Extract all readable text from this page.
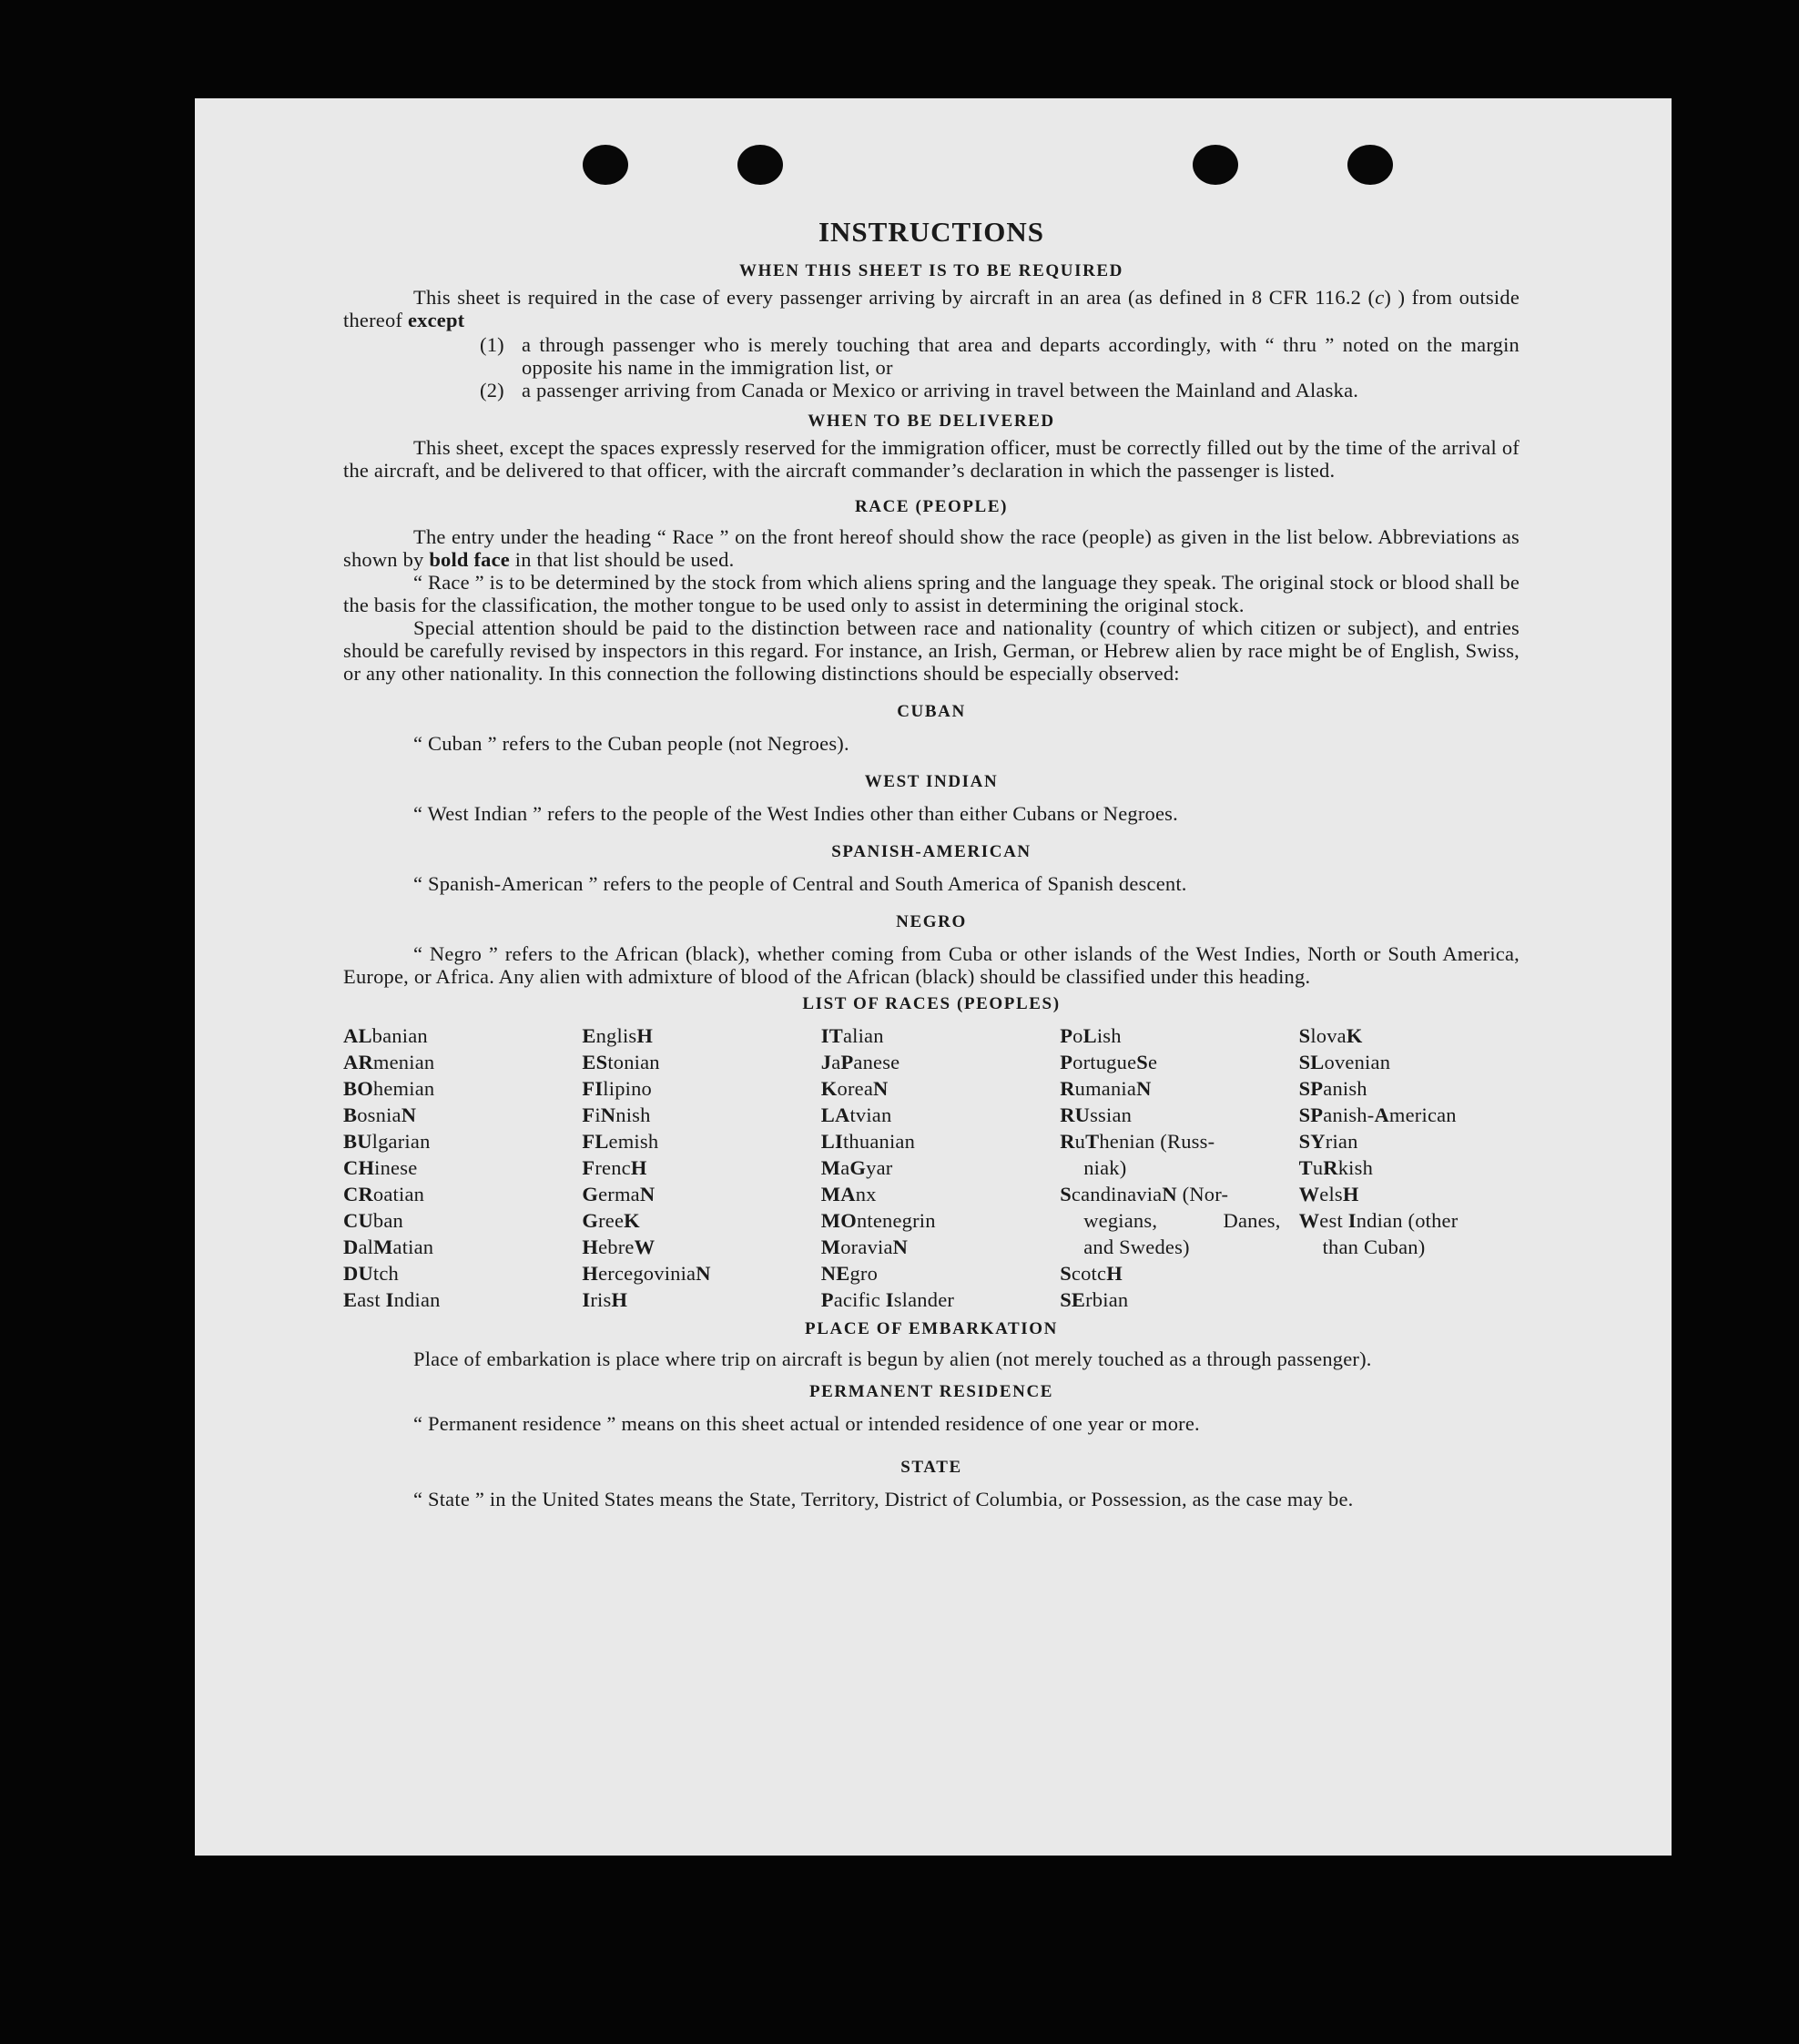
INSTRUCTIONS
WHEN THIS SHEET IS TO BE REQUIRED

This sheet is required in the case of every passenger arriving by aircraft in an area (as defined in 8 CFR 116.2 (c) ) from outside thereof except

(1) a through passenger who is merely touching that area and departs accordingly, with “ thru ” noted on the margin opposite his name in the immigration list, or
(2) a passenger arriving from Canada or Mexico or arriving in travel between the Mainland and Alaska.
WHEN TO BE DELIVERED

This sheet, except the spaces expressly reserved for the immigration officer, must be correctly filled out by the time of the arrival of the aircraft, and be delivered to that officer, with the aircraft commander’s declaration in which the passenger is listed.

RACE (PEOPLE)

The entry under the heading “ Race ” on the front hereof should show the race (people) as given in the list below. Abbreviations as shown by bold face in that list should be used.

“ Race ” is to be determined by the stock from which aliens spring and the language they speak. The original stock or blood shall be the basis for the classification, the mother tongue to be used only to assist in determining the original stock.

Special attention should be paid to the distinction between race and nationality (country of which citizen or subject), and entries should be carefully revised by inspectors in this regard. For instance, an Irish, German, or Hebrew alien by race might be of English, Swiss, or any other nationality. In this connection the following distinctions should be especially observed:

CUBAN

“ Cuban ” refers to the Cuban people (not Negroes).

WEST INDIAN

“ West Indian ” refers to the people of the West Indies other than either Cubans or Negroes.

SPANISH-AMERICAN

“ Spanish-American ” refers to the people of Central and South America of Spanish descent.

NEGRO

“ Negro ” refers to the African (black), whether coming from Cuba or other islands of the West Indies, North or South America, Europe, or Africa. Any alien with admixture of blood of the African (black) should be classified under this heading.

LIST OF RACES (PEOPLES)
ALbanian
ARmenian
BOhemian
BosniaN
BUlgarian
CHinese
CRoatian
CUban
DalMatian
DUtch
East Indian
EnglisH
EStonian
FIlipino
FiNnish
FLemish
FrencH
GermaN
GreeK
HebreW
HercegoviniaN
IrisH
ITalian
JaPanese
KoreaN
LAtvian
LIthuanian
MaGyar
MAnx
MOntenegrin
MoraviaN
NEgro
Pacific Islander
PoLish
PortugueSe
RumaniaN
RUssian
RuThenian (Russ-
niak)
ScandinaviaN (Nor-
wegians, Danes,
and Swedes)
ScotcH
SErbian
SlovaK
SLovenian
SPanish
SPanish-American
SYrian
TuRkish
WelsH
West Indian (other
than Cuban)
PLACE OF EMBARKATION

Place of embarkation is place where trip on aircraft is begun by alien (not merely touched as a through passenger).

PERMANENT RESIDENCE

“ Permanent residence ” means on this sheet actual or intended residence of one year or more.

STATE

“ State ” in the United States means the State, Territory, District of Columbia, or Possession, as the case may be.
